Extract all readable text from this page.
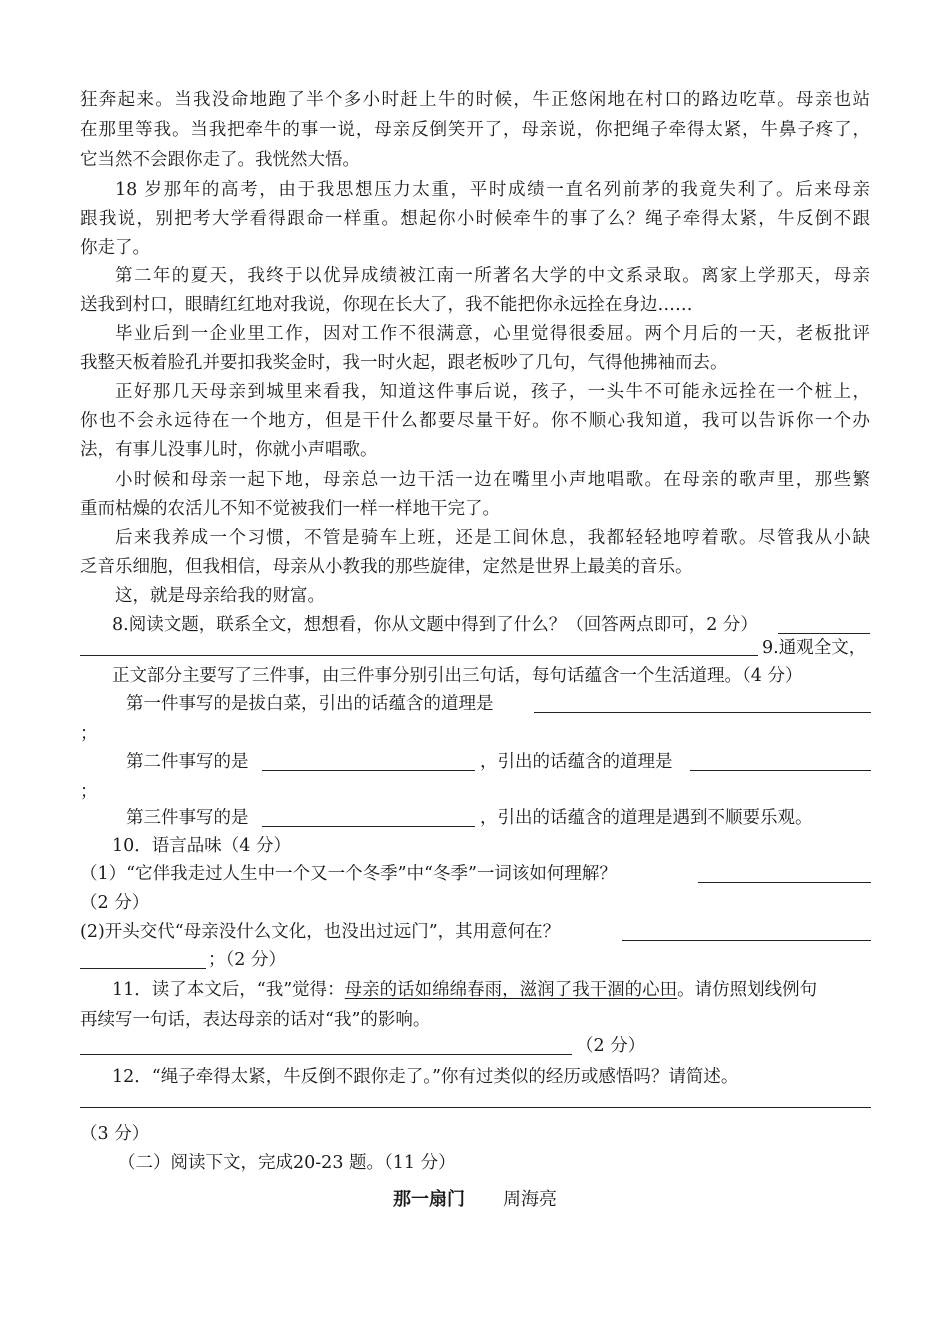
狂奔起来。当我没命地跑了半个多小时赶上牛的时候，牛正悠闲地在村口的路边吃草。母亲也站
在那里等我。当我把牵牛的事一说，母亲反倒笑开了，母亲说，你把绳子牵得太紧，牛鼻子疼了，
它当然不会跟你走了。我恍然大悟。
18 岁那年的高考，由于我思想压力太重，平时成绩一直名列前茅的我竟失利了。后来母亲
跟我说，别把考大学看得跟命一样重。想起你小时候牵牛的事了么？绳子牵得太紧，牛反倒不跟
你走了。
第二年的夏天，我终于以优异成绩被江南一所著名大学的中文系录取。离家上学那天，母亲
送我到村口，眼睛红红地对我说，你现在长大了，我不能把你永远拴在身边……
毕业后到一企业里工作，因对工作不很满意，心里觉得很委屈。两个月后的一天，老板批评
我整天板着脸孔并要扣我奖金时，我一时火起，跟老板吵了几句，气得他拂袖而去。
正好那几天母亲到城里来看我，知道这件事后说，孩子，一头牛不可能永远拴在一个桩上，
你也不会永远待在一个地方，但是干什么都要尽量干好。你不顺心我知道，我可以告诉你一个办
法，有事儿没事儿时，你就小声唱歌。
小时候和母亲一起下地，母亲总一边干活一边在嘴里小声地唱歌。在母亲的歌声里，那些繁
重而枯燥的农活儿不知不觉被我们一样一样地干完了。
后来我养成一个习惯，不管是骑车上班，还是工间休息，我都轻轻地哼着歌。尽管我从小缺
乏音乐细胞，但我相信，母亲从小教我的那些旋律，定然是世界上最美的音乐。
这，就是母亲给我的财富。
8.阅读文题，联系全文，想想看，你从文题中得到了什么？（回答两点即可，2 分）
9.通观全文，
正文部分主要写了三件事，由三件事分别引出三句话，每句话蕴含一个生活道理。（4 分）
第一件事写的是拔白菜，引出的话蕴含的道理是
；
第二件事写的是	，引出的话蕴含的道理是
；
第三件事写的是	，引出的话蕴含的道理是遇到不顺要乐观。
10．语言品味（4 分）
（1）“它伴我走过人生中一个又一个冬季”中“冬季”一词该如何理解？
（2 分）
(2)开头交代“母亲没什么文化，也没出过远门”，其用意何在？
；（2 分）
11．读了本文后，“我”觉得：母亲的话如绵绵春雨，滋润了我干涸的心田。请仿照划线例句
再续写一句话，表达母亲的话对“我”的影响。
（2 分）
12．“绳子牵得太紧，牛反倒不跟你走了。”你有过类似的经历或感悟吗？请简述。
（3 分）
（二）阅读下文，完成20-23 题。（11 分）
那一扇门 周海亮
